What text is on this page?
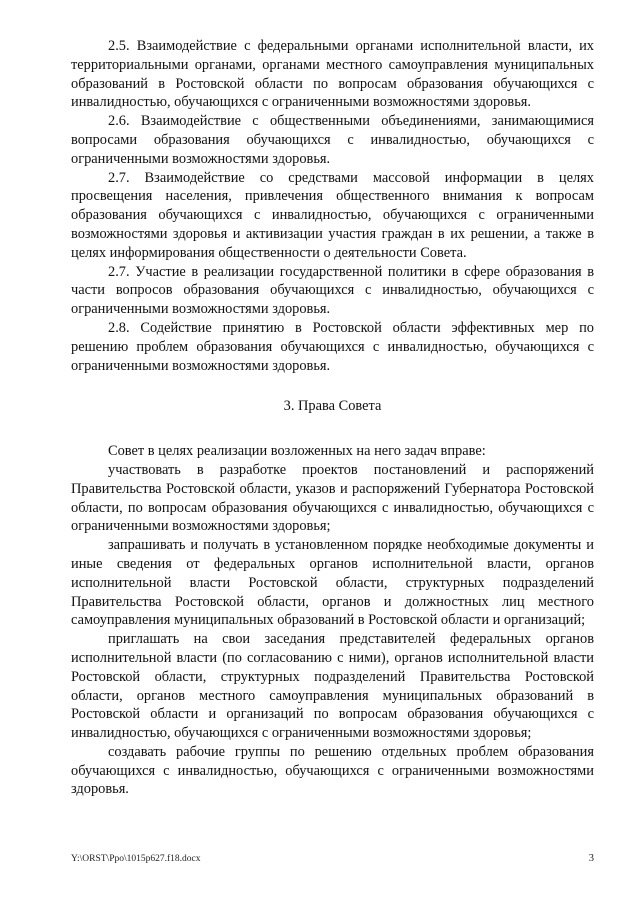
2.5. Взаимодействие с федеральными органами исполнительной власти, их территориальными органами, органами местного самоуправления муниципальных образований в Ростовской области по вопросам образования обучающихся с инвалидностью, обучающихся с ограниченными возможностями здоровья.

2.6. Взаимодействие с общественными объединениями, занимающимися вопросами образования обучающихся с инвалидностью, обучающихся с ограниченными возможностями здоровья.

2.7. Взаимодействие со средствами массовой информации в целях просвещения населения, привлечения общественного внимания к вопросам образования обучающихся с инвалидностью, обучающихся с ограниченными возможностями здоровья и активизации участия граждан в их решении, а также в целях информирования общественности о деятельности Совета.

2.7. Участие в реализации государственной политики в сфере образования в части вопросов образования обучающихся с инвалидностью, обучающихся с ограниченными возможностями здоровья.

2.8. Содействие принятию в Ростовской области эффективных мер по решению проблем образования обучающихся с инвалидностью, обучающихся с ограниченными возможностями здоровья.

3. Права Совета

Совет в целях реализации возложенных на него задач вправе:

участвовать в разработке проектов постановлений и распоряжений Правительства Ростовской области, указов и распоряжений Губернатора Ростовской области, по вопросам образования обучающихся с инвалидностью, обучающихся с ограниченными возможностями здоровья;

запрашивать и получать в установленном порядке необходимые документы и иные сведения от федеральных органов исполнительной власти, органов исполнительной власти Ростовской области, структурных подразделений Правительства Ростовской области, органов и должностных лиц местного самоуправления муниципальных образований в Ростовской области и организаций;

приглашать на свои заседания представителей федеральных органов исполнительной власти (по согласованию с ними), органов исполнительной власти Ростовской области, структурных подразделений Правительства Ростовской области, органов местного самоуправления муниципальных образований в Ростовской области и организаций по вопросам образования обучающихся с инвалидностью, обучающихся с ограниченными возможностями здоровья;

создавать рабочие группы по решению отдельных проблем образования обучающихся с инвалидностью, обучающихся с ограниченными возможностями здоровья.

Y:\ORST\Ppo\1015p627.f18.docx	3
